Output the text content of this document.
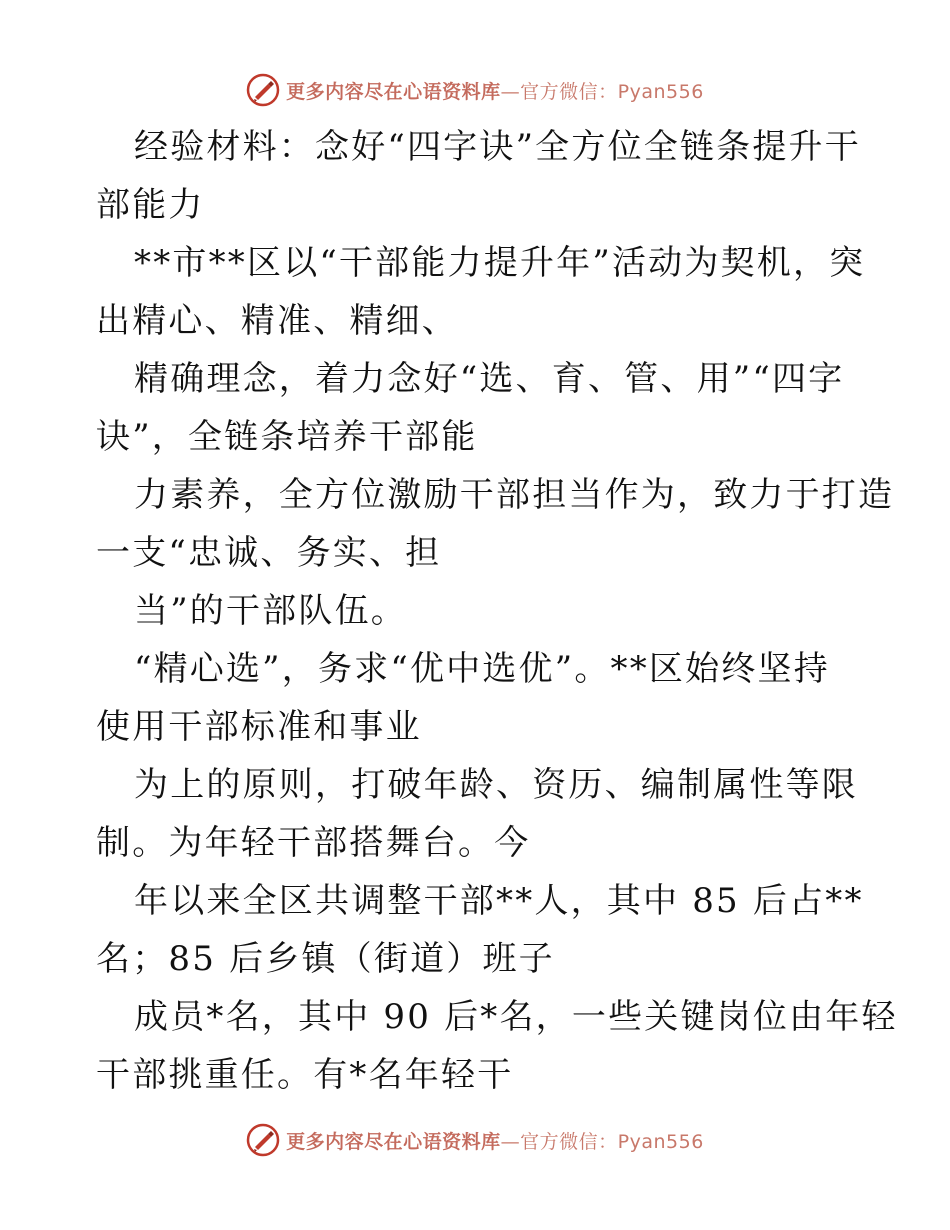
更多内容尽在心语资料库—官方微信：Pyan556

经验材料：念好“四字诀”全方位全链条提升干

部能力

**市**区以“干部能力提升年”活动为契机，突

出精心、精准、精细、

精确理念，着力念好“选、育、管、用”“四字

诀”，全链条培养干部能

力素养，全方位激励干部担当作为，致力于打造

一支“忠诚、务实、担

当”的干部队伍。

“精心选”，务求“优中选优”。**区始终坚持

使用干部标准和事业

为上的原则，打破年龄、资历、编制属性等限

制。为年轻干部搭舞台。今

年以来全区共调整干部**人，其中 85 后占**

名；85 后乡镇（街道）班子

成员*名，其中 90 后*名，一些关键岗位由年轻

干部挑重任。有*名年轻干

更多内容尽在心语资料库—官方微信：Pyan556
